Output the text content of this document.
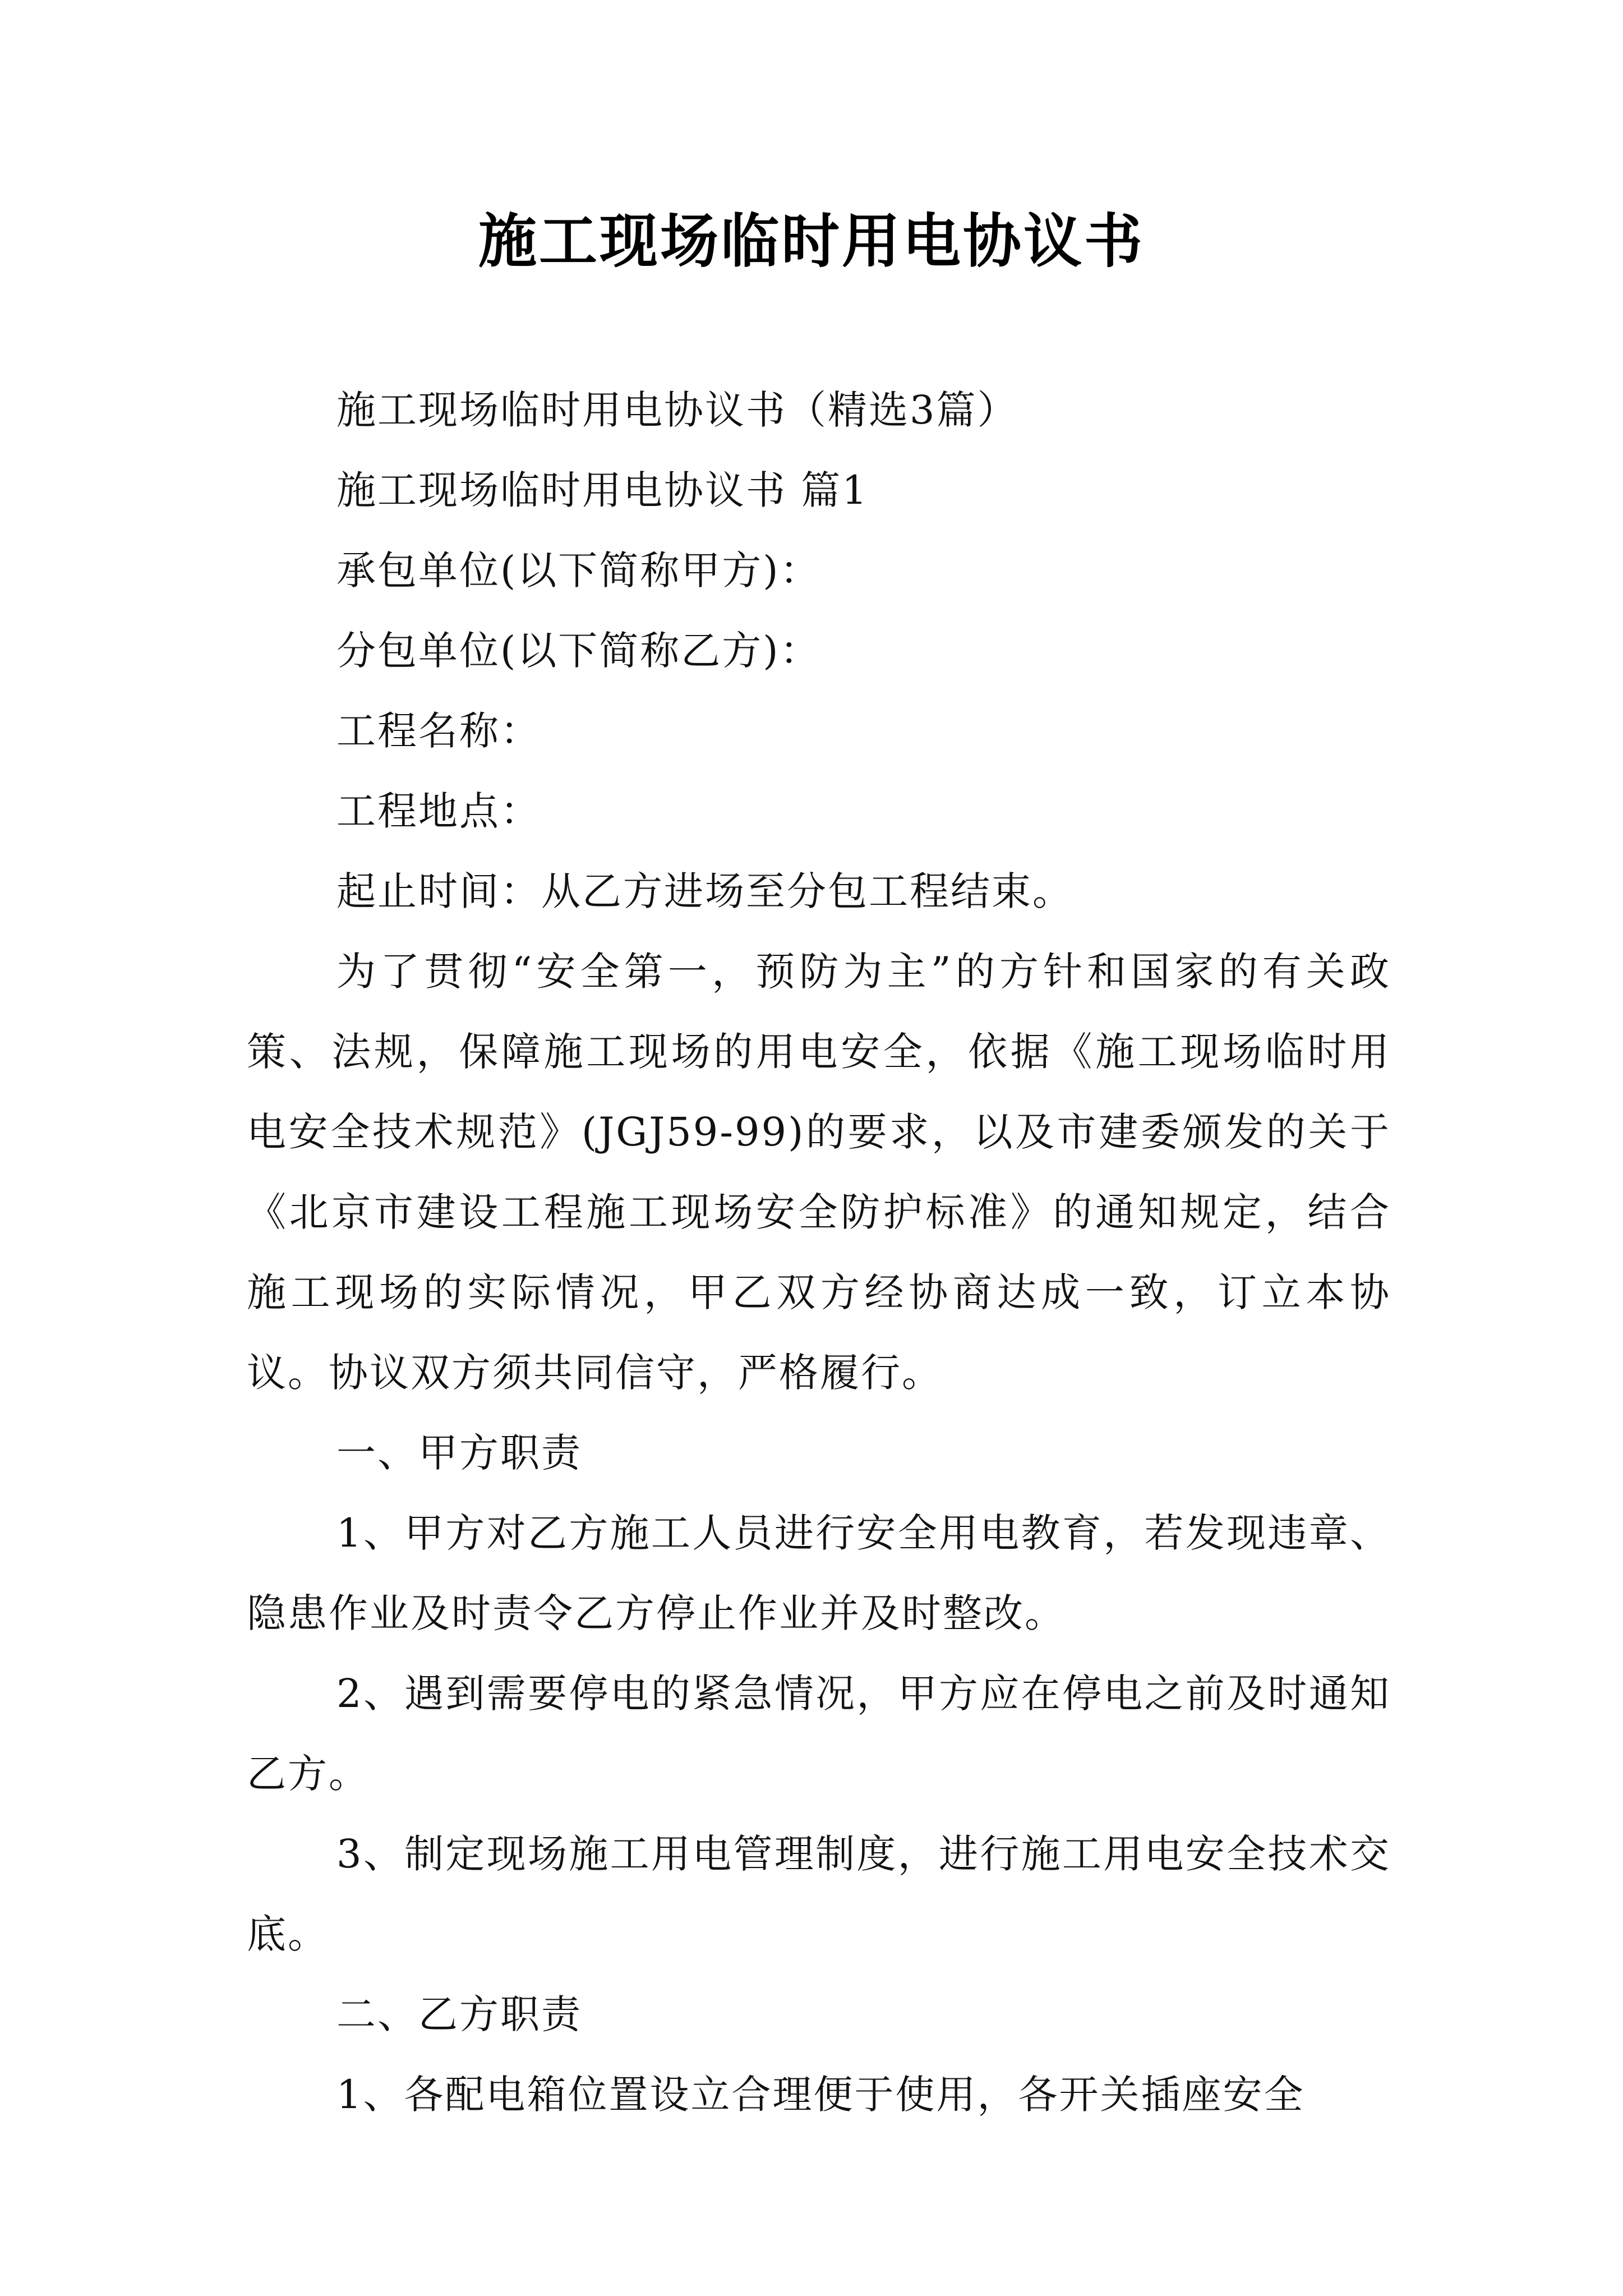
施工现场临时用电协议书

施工现场临时用电协议书（精选3篇）

施工现场临时用电协议书 篇1

承包单位(以下简称甲方)：

分包单位(以下简称乙方)：

工程名称：

工程地点：

起止时间：从乙方进场至分包工程结束。

为了贯彻“安全第一，预防为主”的方针和国家的有关政策、法规，保障施工现场的用电安全，依据《施工现场临时用电安全技术规范》(JGJ59-99)的要求，以及市建委颁发的关于《北京市建设工程施工现场安全防护标准》的通知规定，结合施工现场的实际情况，甲乙双方经协商达成一致，订立本协议。协议双方须共同信守，严格履行。

一、甲方职责

1、甲方对乙方施工人员进行安全用电教育，若发现违章、隐患作业及时责令乙方停止作业并及时整改。

2、遇到需要停电的紧急情况，甲方应在停电之前及时通知乙方。

3、制定现场施工用电管理制度，进行施工用电安全技术交底。

二、乙方职责

1、各配电箱位置设立合理便于使用，各开关插座安全
